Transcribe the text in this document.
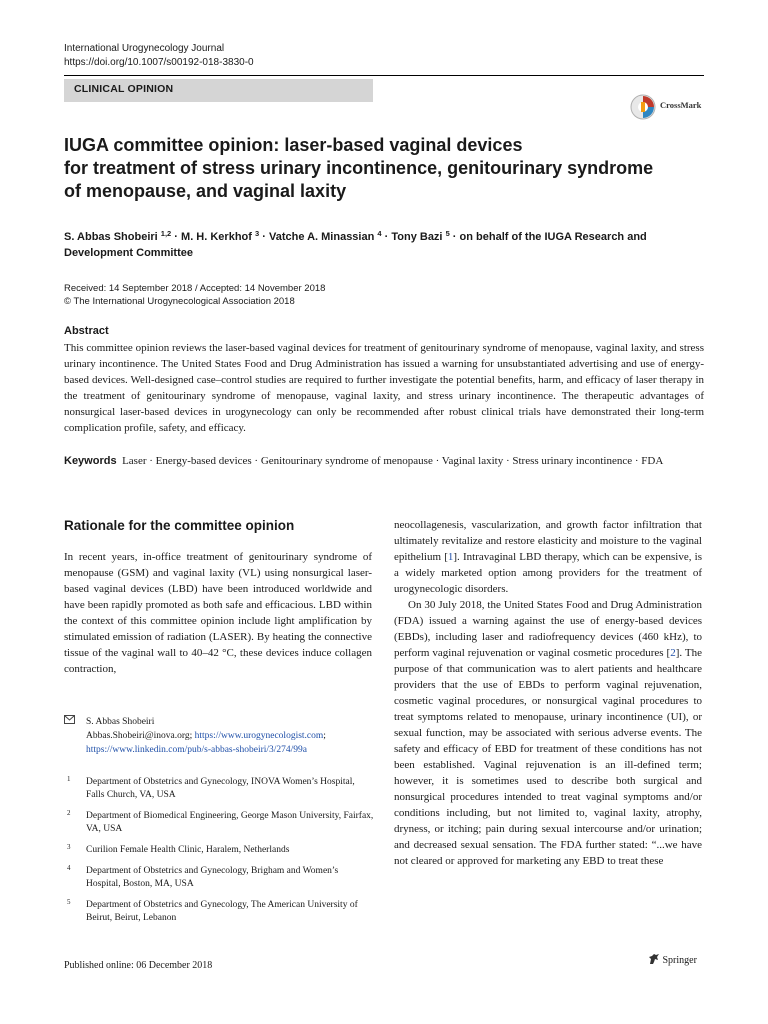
International Urogynecology Journal
https://doi.org/10.1007/s00192-018-3830-0
CLINICAL OPINION
CrossMark
IUGA committee opinion: laser-based vaginal devices
for treatment of stress urinary incontinence, genitourinary syndrome
of menopause, and vaginal laxity
S. Abbas Shobeiri $^{1,2}$ · M. H. Kerkhof $^3$ · Vatche A. Minassian $^4$ · Tony Bazi $^5$ · on behalf of the IUGA Research and Development Committee
Received: 14 September 2018 / Accepted: 14 November 2018
© The International Urogynecological Association 2018
Abstract
This committee opinion reviews the laser-based vaginal devices for treatment of genitourinary syndrome of menopause, vaginal laxity, and stress urinary incontinence. The United States Food and Drug Administration has issued a warning for unsubstantiated advertising and use of energy-based devices. Well-designed case–control studies are required to further investigate the potential benefits, harm, and efficacy of laser therapy in the treatment of genitourinary syndrome of menopause, vaginal laxity, and stress urinary incontinence. The therapeutic advantages of nonsurgical laser-based devices in urogynecology can only be recommended after robust clinical trials have demonstrated their long-term complication profile, safety, and efficacy.
Keywords Laser · Energy-based devices · Genitourinary syndrome of menopause · Vaginal laxity · Stress urinary incontinence · FDA
Rationale for the committee opinion
In recent years, in-office treatment of genitourinary syndrome of menopause (GSM) and vaginal laxity (VL) using nonsurgical laser-based vaginal devices (LBD) have been introduced worldwide and have been rapidly promoted as both safe and efficacious. LBD within the context of this committee opinion include light amplification by stimulated emission of radiation (LASER). By heating the connective tissue of the vaginal wall to 40–42 °C, these devices induce collagen contraction,
S. Abbas Shobeiri
Abbas.Shobeiri@inova.org; https://www.urogynecologist.com;
https://www.linkedin.com/pub/s-abbas-shobeiri/3/274/99a
1 Department of Obstetrics and Gynecology, INOVA Women’s Hospital, Falls Church, VA, USA
2 Department of Biomedical Engineering, George Mason University, Fairfax, VA, USA
3 Curilion Female Health Clinic, Haralem, Netherlands
4 Department of Obstetrics and Gynecology, Brigham and Women’s Hospital, Boston, MA, USA
5 Department of Obstetrics and Gynecology, The American University of Beirut, Beirut, Lebanon

neocollagenesis, vascularization, and growth factor infiltration that ultimately revitalize and restore elasticity and moisture to the vaginal epithelium [1]. Intravaginal LBD therapy, which can be expensive, is a widely marketed option among providers for the treatment of urogynecologic disorders.

On 30 July 2018, the United States Food and Drug Administration (FDA) issued a warning against the use of energy-based devices (EBDs), including laser and radiofrequency devices (460 kHz), to perform vaginal rejuvenation or vaginal cosmetic procedures [2]. The purpose of that communication was to alert patients and healthcare providers that the use of EBDs to perform vaginal rejuvenation, cosmetic vaginal procedures, or nonsurgical vaginal procedures to treat symptoms related to menopause, urinary incontinence (UI), or sexual function, may be associated with serious adverse events. The safety and efficacy of EBD for treatment of these conditions has not been established. Vaginal rejuvenation is an ill-defined term; however, it is sometimes used to describe both surgical and nonsurgical procedures intended to treat vaginal symptoms and/or conditions including, but not limited to, vaginal laxity, atrophy, dryness, or itching; pain during sexual intercourse and/or urination; and decreased sexual sensation. The FDA further stated: “...we have not cleared or approved for marketing any EBD to treat these

Published online: 06 December 2018	Springer
